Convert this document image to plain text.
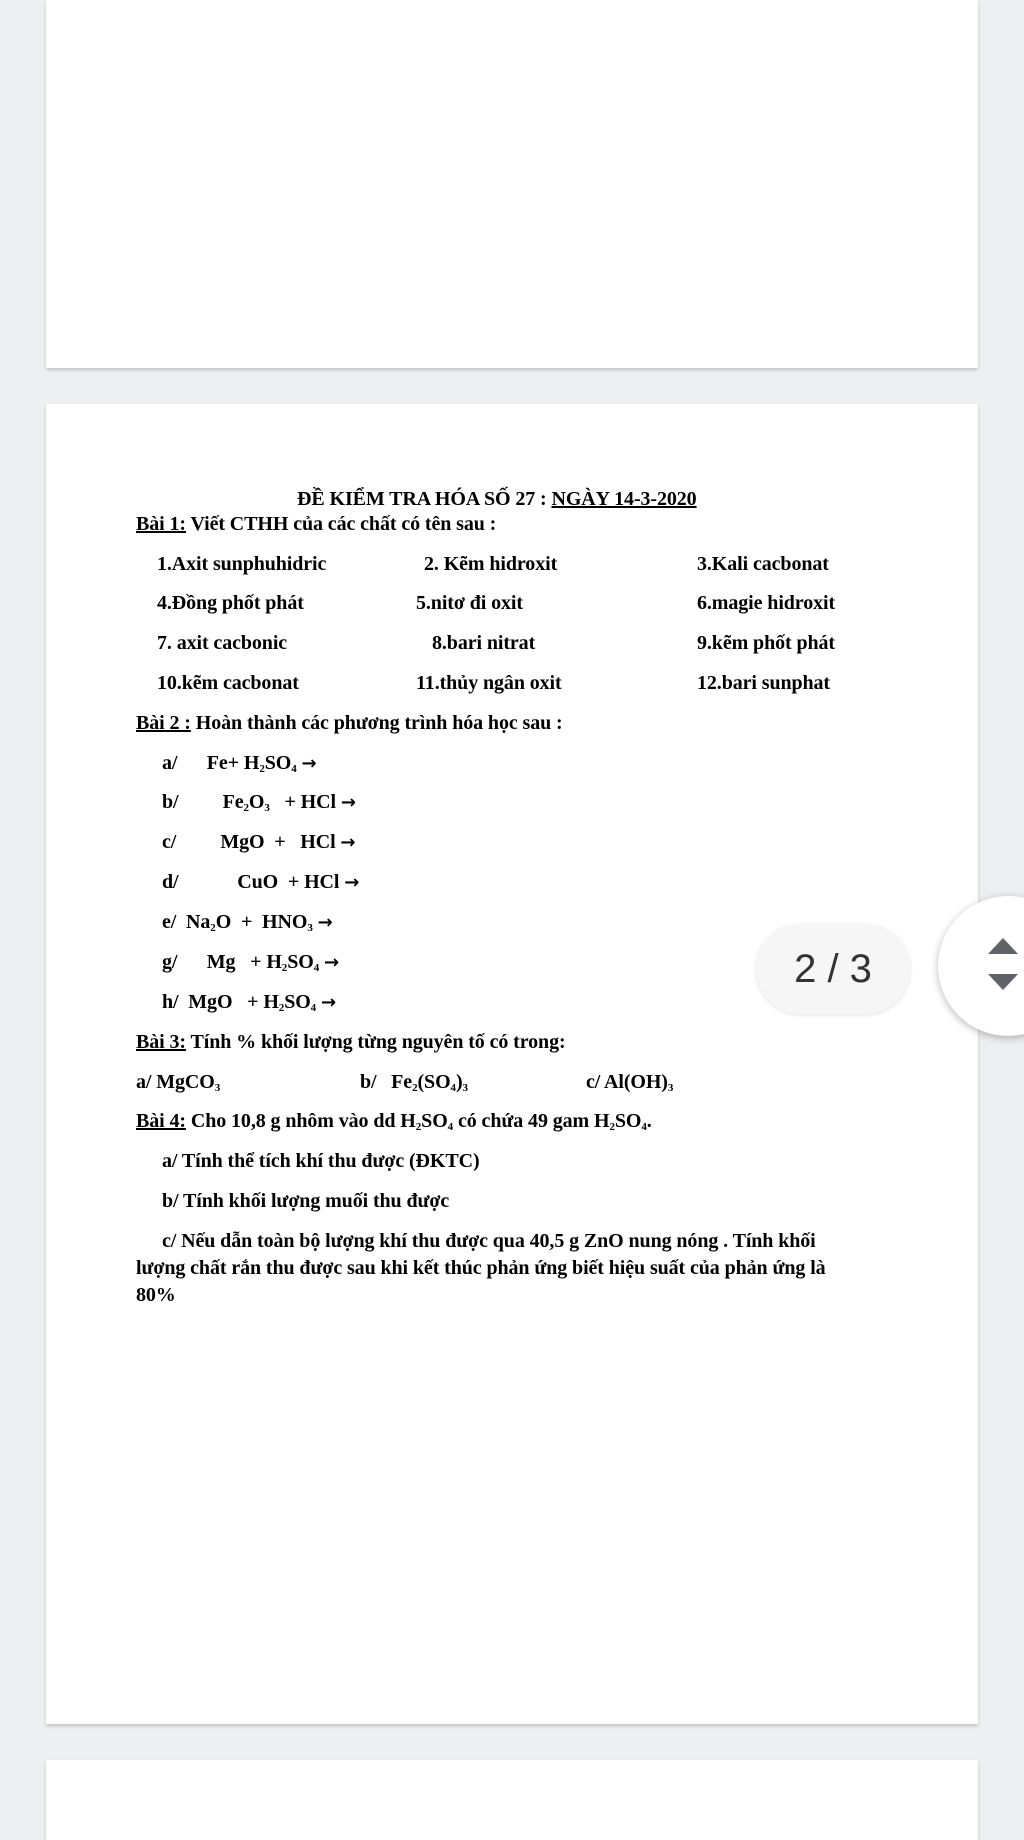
ĐỀ KIỂM TRA HÓA SỐ 27 : NGÀY 14-3-2020
Bài 1: Viết CTHH của các chất có tên sau :
1.Axit sunphuhidric	2. Kẽm hidroxit	3.Kali cacbonat
4.Đồng phốt phát	5.nitơ đi oxit	6.magie hidroxit
7. axit cacbonic	8.bari nitrat	9.kẽm phốt phát
10.kẽm cacbonat	11.thủy ngân oxit	12.bari sunphat
Bài 2 : Hoàn thành các phương trình hóa học sau :
a/      $Fe+ H_2SO_4$ →
b/         $Fe_2O_3$   + HCl →
c/         MgO  +   HCl →
d/            CuO  + HCl →
e/  $Na_2O + HNO_3$ →
g/      $Mg + H_2SO_4$ →
h/  MgO   + $H_2SO_4$ →
Bài 3: Tính % khối lượng từng nguyên tố có trong:
a/ MgCO$_3$	b/   $Fe_2(SO_4)_3$	c/ $Al(OH)_3$
Bài 4: Cho 10,8 g nhôm vào dd $H_2SO_4$ có chứa 49 gam $H_2SO_4$.
a/ Tính thể tích khí thu được (ĐKTC)
b/ Tính khối lượng muối thu được
c/ Nếu dẫn toàn bộ lượng khí thu được qua 40,5 g ZnO nung nóng . Tính khối
lượng chất rắn thu được sau khi kết thúc phản ứng biết hiệu suất của phản ứng là
80%
2 / 3
